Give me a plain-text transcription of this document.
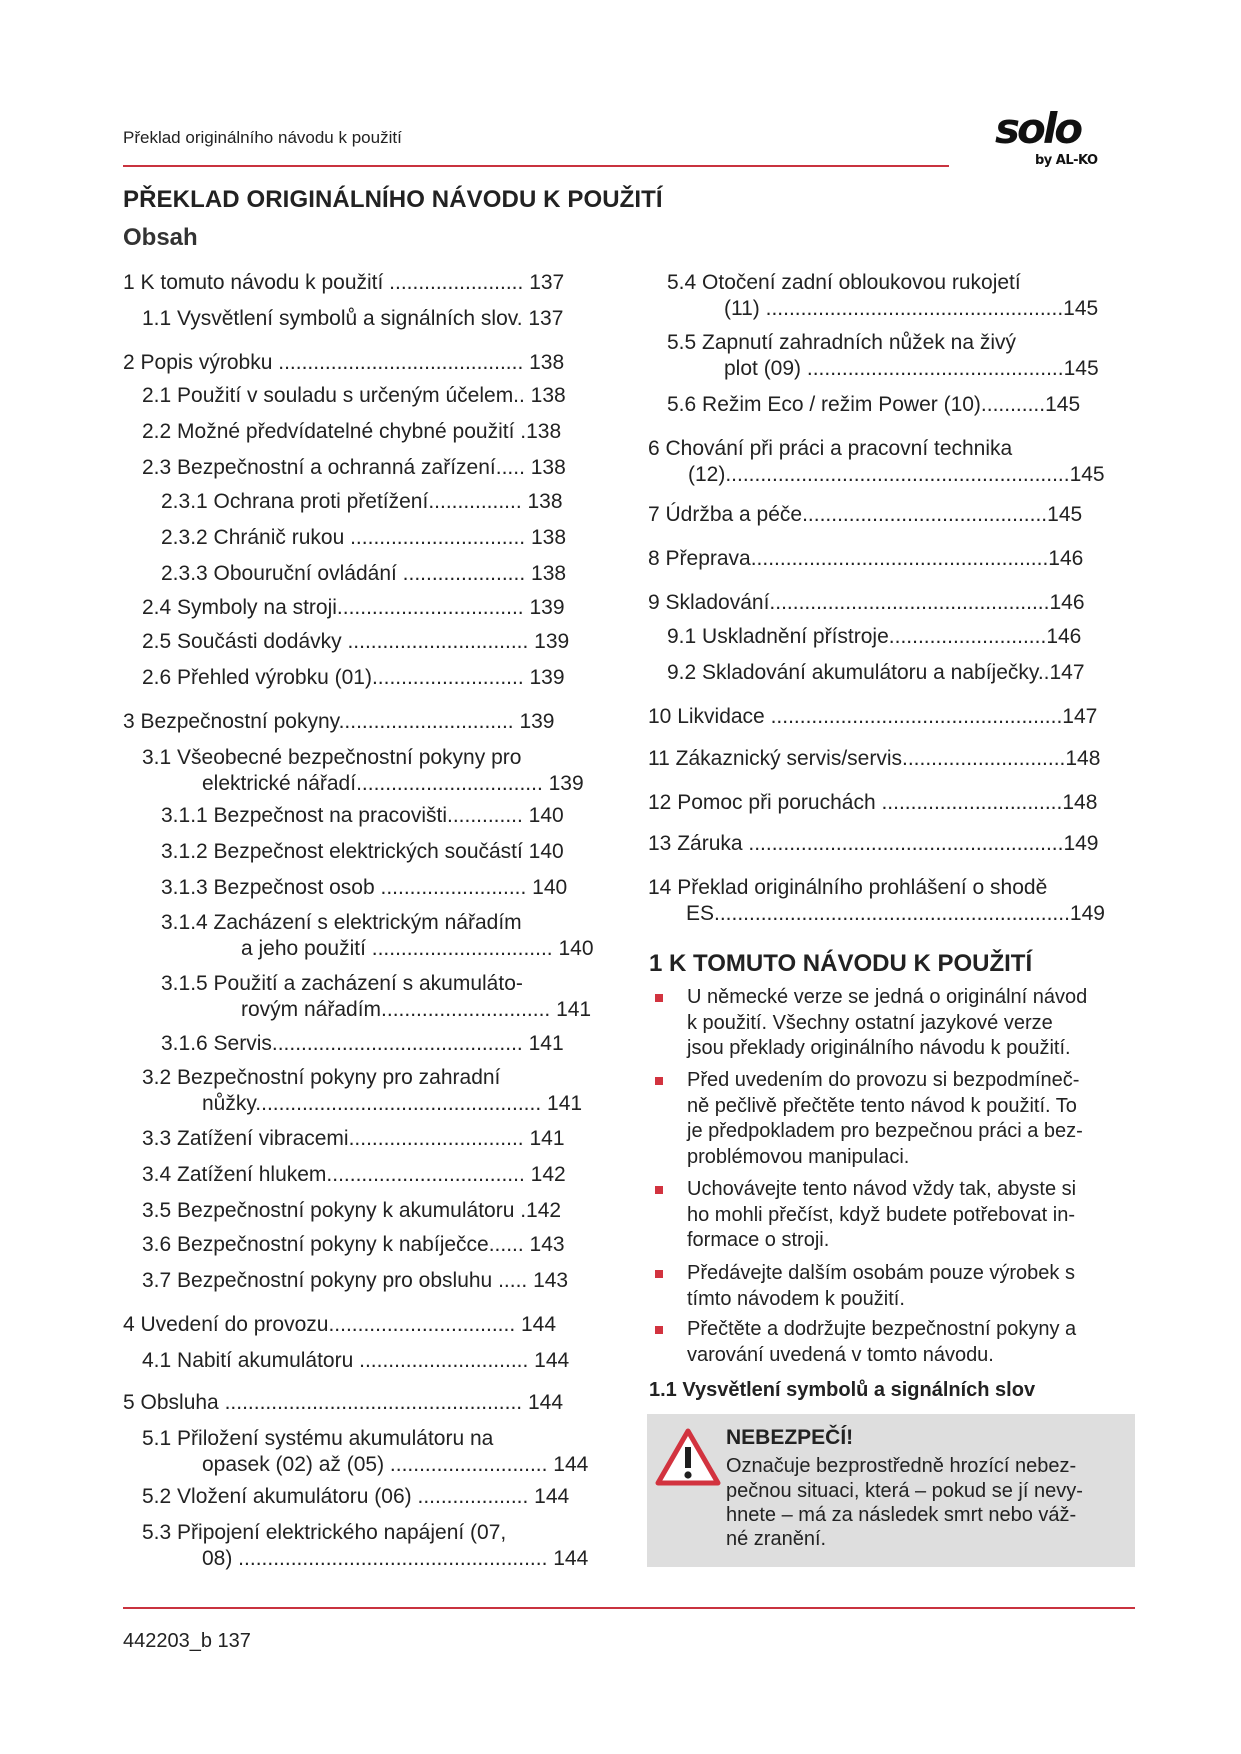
Překlad originálního návodu k použití	solo
by AL-KO
PŘEKLAD ORIGINÁLNÍHO NÁVODU K POUŽITÍ
Obsah
1 K tomuto návodu k použití ....................... 137
1.1 Vysvětlení symbolů a signálních slov. 137
2 Popis výrobku .......................................... 138
2.1 Použití v souladu s určeným účelem.. 138
2.2 Možné předvídatelné chybné použití .138
2.3 Bezpečnostní a ochranná zařízení..... 138
2.3.1 Ochrana proti přetížení................ 138
2.3.2 Chránič rukou .............................. 138
2.3.3 Obouruční ovládání ..................... 138
2.4 Symboly na stroji................................ 139
2.5 Součásti dodávky ............................... 139
2.6 Přehled výrobku (01).......................... 139
3 Bezpečnostní pokyny.............................. 139
3.1 Všeobecné bezpečnostní pokyny pro
elektrické nářadí................................ 139
3.1.1 Bezpečnost na pracovišti............. 140
3.1.2 Bezpečnost elektrických součástí 140
3.1.3 Bezpečnost osob ......................... 140
3.1.4 Zacházení s elektrickým nářadím
a jeho použití ............................... 140
3.1.5 Použití a zacházení s akumuláto-
rovým nářadím............................. 141
3.1.6 Servis........................................... 141
3.2 Bezpečnostní pokyny pro zahradní
nůžky................................................. 141
3.3 Zatížení vibracemi.............................. 141
3.4 Zatížení hlukem.................................. 142
3.5 Bezpečnostní pokyny k akumulátoru .142
3.6 Bezpečnostní pokyny k nabíječce...... 143
3.7 Bezpečnostní pokyny pro obsluhu ..... 143
4 Uvedení do provozu................................ 144
4.1 Nabití akumulátoru ............................. 144
5 Obsluha ................................................... 144
5.1 Přiložení systému akumulátoru na
opasek (02) až (05) ........................... 144
5.2 Vložení akumulátoru (06) ................... 144
5.3 Připojení elektrického napájení (07,
08) ..................................................... 144
5.4 Otočení zadní obloukovou rukojetí
(11) ...................................................145
5.5 Zapnutí zahradních nůžek na živý
plot (09) ............................................145
5.6 Režim Eco / režim Power (10)...........145
6 Chování při práci a pracovní technika
(12)...........................................................145
7 Údržba a péče..........................................145
8 Přeprava...................................................146
9 Skladování................................................146
9.1 Uskladnění přístroje...........................146
9.2 Skladování akumulátoru a nabíječky..147
10 Likvidace ..................................................147
11 Zákaznický servis/servis............................148
12 Pomoc při poruchách ...............................148
13 Záruka ......................................................149
14 Překlad originálního prohlášení o shodě
ES.............................................................149
1 K TOMUTO NÁVODU K POUŽITÍ
U německé verze se jedná o originální návod
k použití. Všechny ostatní jazykové verze
jsou překlady originálního návodu k použití.
Před uvedením do provozu si bezpodmíneč-
ně pečlivě přečtěte tento návod k použití. To
je předpokladem pro bezpečnou práci a bez-
problémovou manipulaci.
Uchovávejte tento návod vždy tak, abyste si
ho mohli přečíst, když budete potřebovat in-
formace o stroji.
Předávejte dalším osobám pouze výrobek s
tímto návodem k použití.
Přečtěte a dodržujte bezpečnostní pokyny a
varování uvedená v tomto návodu.
1.1 Vysvětlení symbolů a signálních slov
NEBEZPEČÍ!
Označuje bezprostředně hrozící nebez-
pečnou situaci, která – pokud se jí nevy-
hnete – má za následek smrt nebo váž-
né zranění.
442203_b 137
